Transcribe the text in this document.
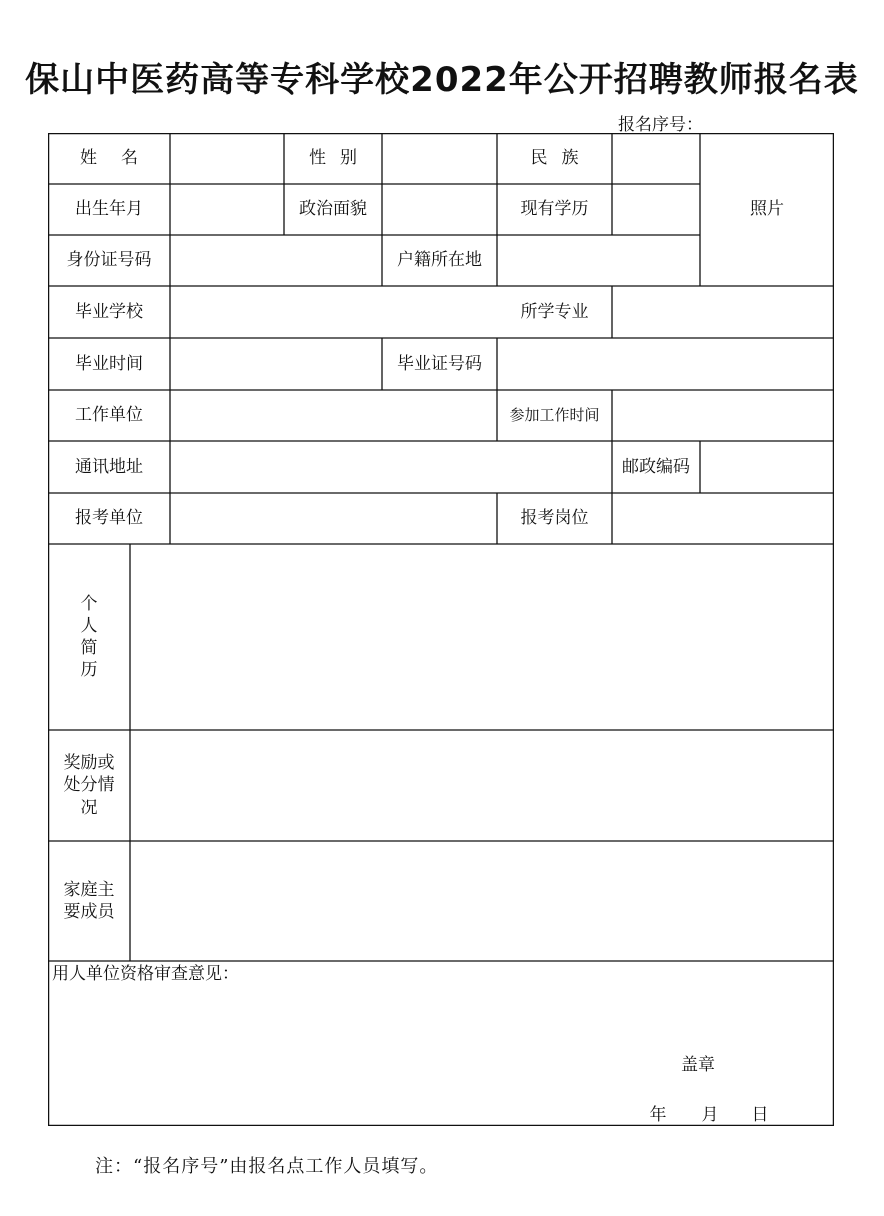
保山中医药高等专科学校2022年公开招聘教师报名表
报名序号：
姓名	性别	民族
照片
出生年月	政治面貌	现有学历
身份证号码	户籍所在地
毕业学校	所学专业
毕业时间	毕业证号码
工作单位	参加工作时间
通讯地址	邮政编码
报考单位	报考岗位
个
人
简
历
奖励或
处分情
况
家庭主
要成员
用人单位资格审查意见：
盖章
年 月 日
注：“报名序号”由报名点工作人员填写。
